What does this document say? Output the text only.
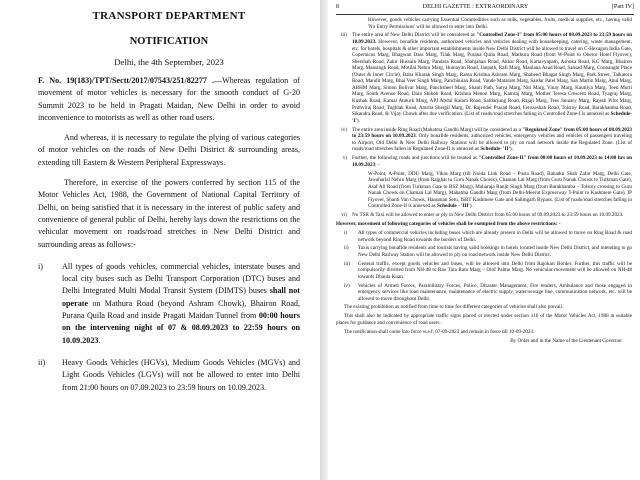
TRANSPORT DEPARTMENT
NOTIFICATION
Delhi, the 4th September, 2023
F. No. 19(183)/TPT/Sectt/2017/07543/251/82277 .—Whereas regulation of movement of motor vehicles is necessary for the smooth conduct of G-20 Summit 2023 to be held in Pragati Maidan, New Delhi in order to avoid inconvenience to motorists as well as other road users.
And whereas, it is necessary to regulate the plying of various categories of motor vehicles on the roads of New Delhi District & surrounding areas, extending till Eastern & Western Peripheral Expressways.
Therefore, in exercise of the powers conferred by section 115 of the Motor Vehicles Act, 1988, the Government of National Capital Territory of Delhi, on being satisfied that it is necessary in the interest of public safety and convenience of general public of Delhi, hereby lays down the restrictions on the vehicular movement on roads/road stretches in New Delhi District and surrounding areas as follows:-
i)	All types of goods vehicles, commercial vehicles, interstate buses and local city buses such as Delhi Transport Corporation (DTC) buses and Delhi Integrated Multi Modal Transit System (DIMTS) buses shall not operate on Mathura Road (beyond Ashram Chowk), Bhairon Road, Purana Quila Road and inside Pragati Maidan Tunnel from 00:00 hours on the intervening night of 07 & 08.09.2023 to 22:59 hours on 10.09.2023.
ii)	Heavy Goods Vehicles (HGVs), Medium Goods Vehicles (MGVs) and Light Goods Vehicles (LGVs) will not be allowed to enter into Delhi from 21:00 hours on 07.09.2023 to 23:59 hours on 10.09.2023.
8	DELHI GAZETTE : EXTRAORDINARY	[Part IV]
However, goods vehicles carrying Essential Commodities such as milk, vegetables, fruits, medical supplies, etc., having valid 'No Entry Permissions' will be allowed to enter into Delhi.
iii) The entire area of New Delhi District will be considered as "Controlled Zone-I" from 05:00 hours of 08.09.2023 to 23:59 hours on 10.09.2023. However, bonafide residents, authorized vehicles and vehicles dealing with housekeeping, catering, waste management, etc. for hotels, hospitals & other important establishments inside New Delhi District will be allowed to travel on C-Hexagon India Gate, Copernicus Marg, Bhagwan Dass Marg, Tilak Marg, Purana Quila Road, Mathura Road (from W-Point to Oberoi Hotel Flyover), Shershah Road, Zakir Hussain Marg, Pandara Road, Shahjahan Road, Akbar Road, Kartavyapath, Ashoka Road, KG Marg, Bhairon Marg, Mansingh Road, Motilal Nehru Marg, Humayun Road, Janpath, Rafi Marg, Maulana Azad Road, Sansad Marg, Connaught Place (Outer & Inner Circle), Baba Kharak Singh Marg, Rama Krishna Ashram Marg, Shaheed Bhagat Singh Marg, Park Street, Talkatora Road, Mandir Marg, Bhai Veer Singh Marg, Panchkuian Road, Vande Mataram Marg, Sardar Patel Marg, San Martin Marg, Abul Marg, ABHM Marg, Simon Bolivar Marg, Panchsheel Marg, Shanti Path, Satya Marg, Niti Marg, Vinay Marg, Kautilya Marg, Teen Murti Marg, South Avenue Road, Dara Shikoh Road, Krishna Menon Marg, Kamraj Marg, Mother Teresa Crescent Road, Tyagraj Marg, Kushak Road, Kamal Ataturk Marg, APJ Abdul Kalam Road, Safdarjung Road, Rajaji Marg, Tees January Marg, Rajesh Pilot Marg, Prithviraj Road, Tughlak Road, Amrita Shergil Marg, Dr. Rajender Prasad Road, Ferozeshah Road, Tolstoy Road, Barakhamba Road, Sikandra Road, & Vijay Chowk after due verification. (List of roads/road stretches falling in Controlled Zone-I is annexed as Schedule- 'I').
iv) The entire area inside Ring Road (Mahatma Gandhi Marg) will be considered as a "Regulated Zone" from 05:00 hours of 08.09.2023 to 23:59 hours on 10.09.2023. Only bonafide residents, authorized vehicles, emergency vehicles and vehicles of passengers traveling to Airport, Old Delhi & New Delhi Railway Stations will be allowed to ply on road network inside the Regulated Zone. (List of roads/road stretches fallen in Regulated Zone-II is annexed as Schedule- 'II').
v) Further, the following roads and junctions will be treated as "Controlled Zone-II" from 00:00 hours of 10.09.2023 to 14:00 hrs on 10.09.2023: -
W-Point, A-Point, DDU Marg, Vikas Marg (till Noida Link Road – Pusta Road), Bahadur Shah Zafar Marg, Delhi Gate, Jawaharlal Nehru Marg (from Rajghat to Guru Nanak Chowk), Chaman Lal Marg (from Guru Nanak Chowk to Turkman Gate), Asaf Ali Road (from Turkman Gate to BSZ Marg), Maharaja Ranjit Singh Marg (from Barakhamba – Tolstoy crossing to Guru Nanak Chowk on Chaman Lal Marg), Mahatma Gandhi Marg (from Delhi-Meerut Expressway T-Point to Kashmere Gate), IP Flyover, Shanti Van Chowk, Hanuman Setu, ISBT Kashmere Gate and Salimgarh Bypass. (List of roads/road stretches falling in Controlled Zone-II is annexed as Schedule - 'III').
vi) No TSR & Taxi will be allowed to enter or ply in New Delhi District from 05:00 hours of 09.09.2023 to 23:59 hours on 10.09.2023.
However, movement of following categories of vehicles shall be exempted from the above restrictions: -
i)	All types of commercial vehicles including buses which are already present in Delhi will be allowed to move on Ring Road & road network beyond Ring Road towards the borders of Delhi.
ii)	Taxis carrying bonafide residents and tourists having valid bookings in hotels located inside New Delhi District, and intending to go New Delhi Railway Station will be allowed to ply on road network inside New Delhi District.
iii)	General traffic, except goods vehicles and buses, will be allowed into Delhi from Rajokari Border. Further, this traffic will be compulsorily diverted from NH-48 to Rao Tula Ram Marg – Olof Palme Marg. No vehicular movement will be allowed on NH-48 towards Dhaula Kuan.
iv)	Vehicles of Armed Forces, Paramilitary Forces, Police, Disaster Management, Fire tenders, Ambulance and those engaged in emergency services like road maintenance, maintenance of electric supply, water/sewage line, communication network, etc. will be allowed to move throughout Delhi.
The existing prohibition as notified from time to time for different categories of vehicles shall also prevail.
This shall also be indicated by appropriate traffic signs placed or erected under section 116 of the Motor Vehicles Act, 1988 at suitable places for guidance and convenience of road users.
The notification shall come into force w.e.f. 07-09-2023 and remain in force till 10-09-2023.
By Order and in the Name of the Lieutenant Governor
